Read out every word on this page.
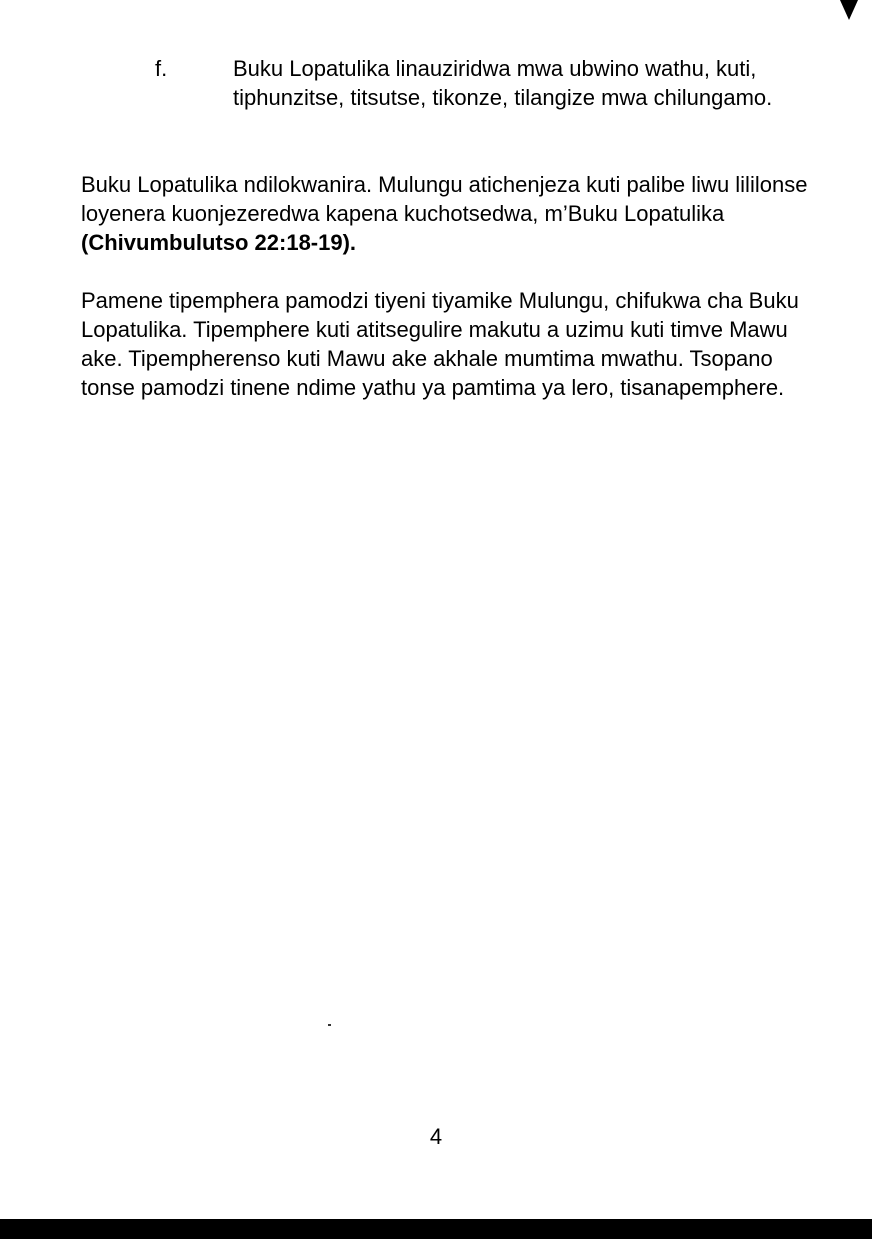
f.	Buku Lopatulika linauziridwa mwa ubwino wathu, kuti, tiphunzitse, titsutse, tikonze, tilangize mwa chilungamo.

Buku Lopatulika ndilokwanira. Mulungu atichenjeza kuti palibe liwu lililonse loyenera kuonjezeredwa kapena kuchotsedwa, m’Buku Lopatulika (Chivumbulutso 22:18-19).

Pamene tipemphera pamodzi tiyeni tiyamike Mulungu, chifukwa cha Buku Lopatulika. Tipemphere kuti atitsegulire makutu a uzimu kuti timve Mawu ake. Tipempherenso kuti Mawu ake akhale mumtima mwathu. Tsopano tonse pamodzi tinene ndime yathu ya pamtima ya lero, tisanapemphere.

4
